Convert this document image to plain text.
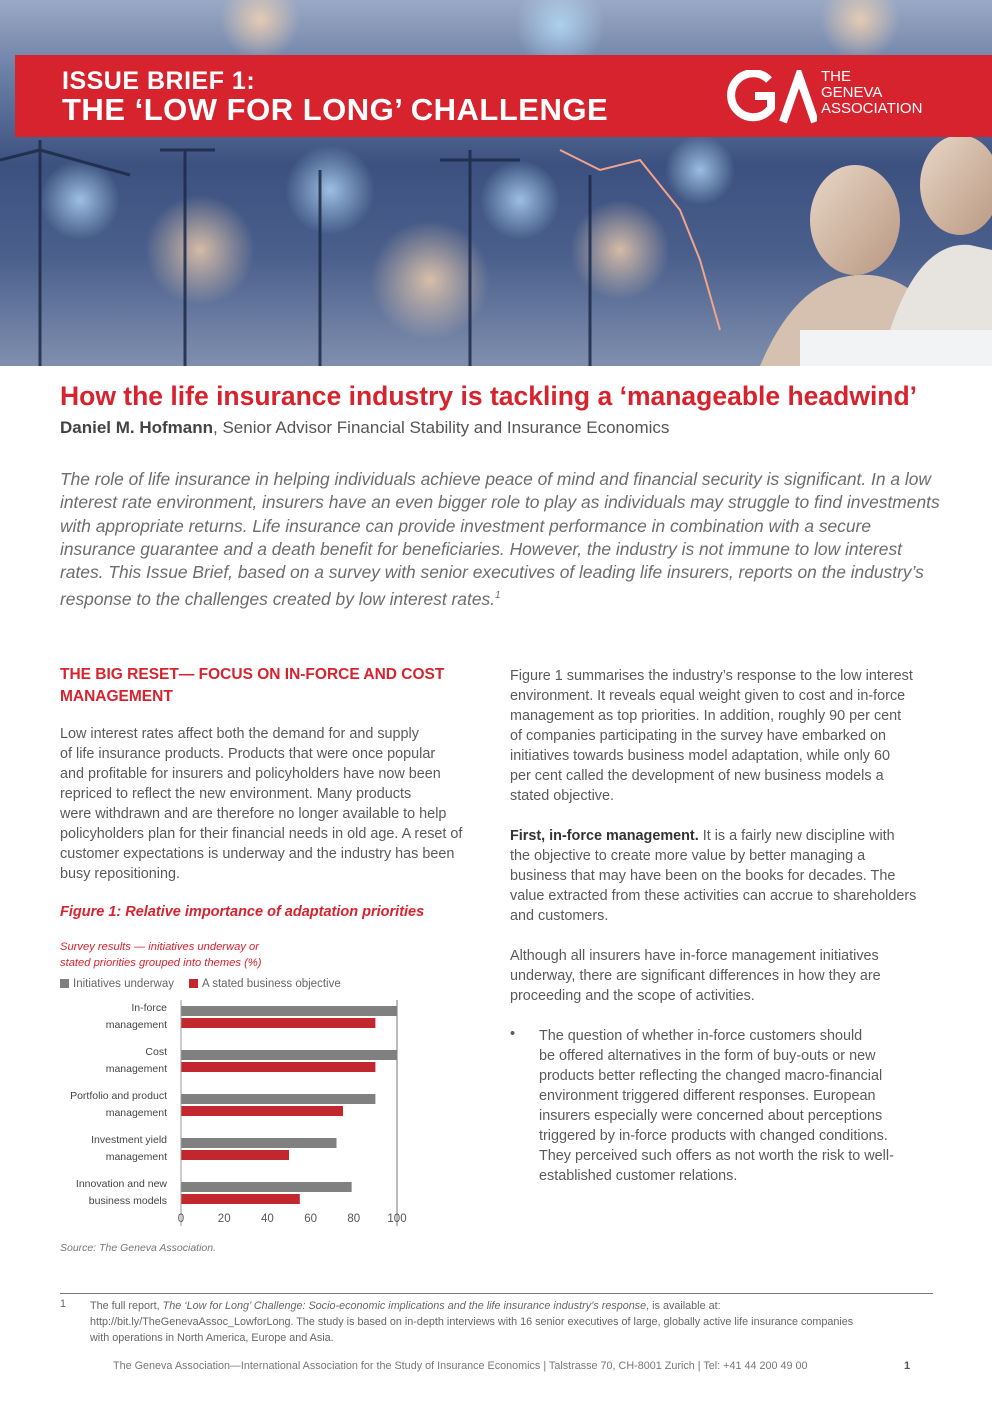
ISSUE BRIEF 1:
THE ‘LOW FOR LONG’ CHALLENGE
THE
GENEVA
ASSOCIATION
How the life insurance industry is tackling a ‘manageable headwind’
Daniel M. Hofmann, Senior Advisor Financial Stability and Insurance Economics

The role of life insurance in helping individuals achieve peace of mind and financial security is significant. In a low

interest rate environment, insurers have an even bigger role to play as individuals may struggle to find investments

with appropriate returns. Life insurance can provide investment performance in combination with a secure

insurance guarantee and a death benefit for beneficiaries. However, the industry is not immune to low interest

rates. This Issue Brief, based on a survey with senior executives of leading life insurers, reports on the industry’s

response to the challenges created by low interest rates.$^1$

THE BIG RESET— FOCUS ON IN-FORCE AND COST
MANAGEMENT
Low interest rates affect both the demand for and supply
of life insurance products. Products that were once popular
and profitable for insurers and policyholders have now been
repriced to reflect the new environment. Many products
were withdrawn and are therefore no longer available to help
policyholders plan for their financial needs in old age. A reset of
customer expectations is underway and the industry has been
busy repositioning.
Figure 1: Relative importance of adaptation priorities
Survey results — initiatives underway or
stated priorities grouped into themes (%)
Initiatives underway A stated business objective
In-force
management
Cost
management
Portfolio and product
management
Investment yield
management
Innovation and new
business models
0	20	40	60	80 100
Source: The Geneva Association.
Figure 1 summarises the industry’s response to the low interest
environment. It reveals equal weight given to cost and in-force
management as top priorities. In addition, roughly 90 per cent
of companies participating in the survey have embarked on
initiatives towards business model adaptation, while only 60
per cent called the development of new business models a
stated objective.
First, in-force management. It is a fairly new discipline with
the objective to create more value by better managing a
business that may have been on the books for decades. The
value extracted from these activities can accrue to shareholders
and customers.
Although all insurers have in-force management initiatives
underway, there are significant differences in how they are
proceeding and the scope of activities.
• The question of whether in-force customers should
be offered alternatives in the form of buy-outs or new
products better reflecting the changed macro-financial
environment triggered different responses. European
insurers especially were concerned about perceptions
triggered by in-force products with changed conditions.
They perceived such offers as not worth the risk to well-
established customer relations.
1 The full report, The ‘Low for Long’ Challenge: Socio-economic implications and the life insurance industry’s response, is available at:
http://bit.ly/TheGenevaAssoc_LowforLong. The study is based on in-depth interviews with 16 senior executives of large, globally active life insurance companies
with operations in North America, Europe and Asia.
The Geneva Association—International Association for the Study of Insurance Economics | Talstrasse 70, CH-8001 Zurich | Tel: +41 44 200 49 00	1
